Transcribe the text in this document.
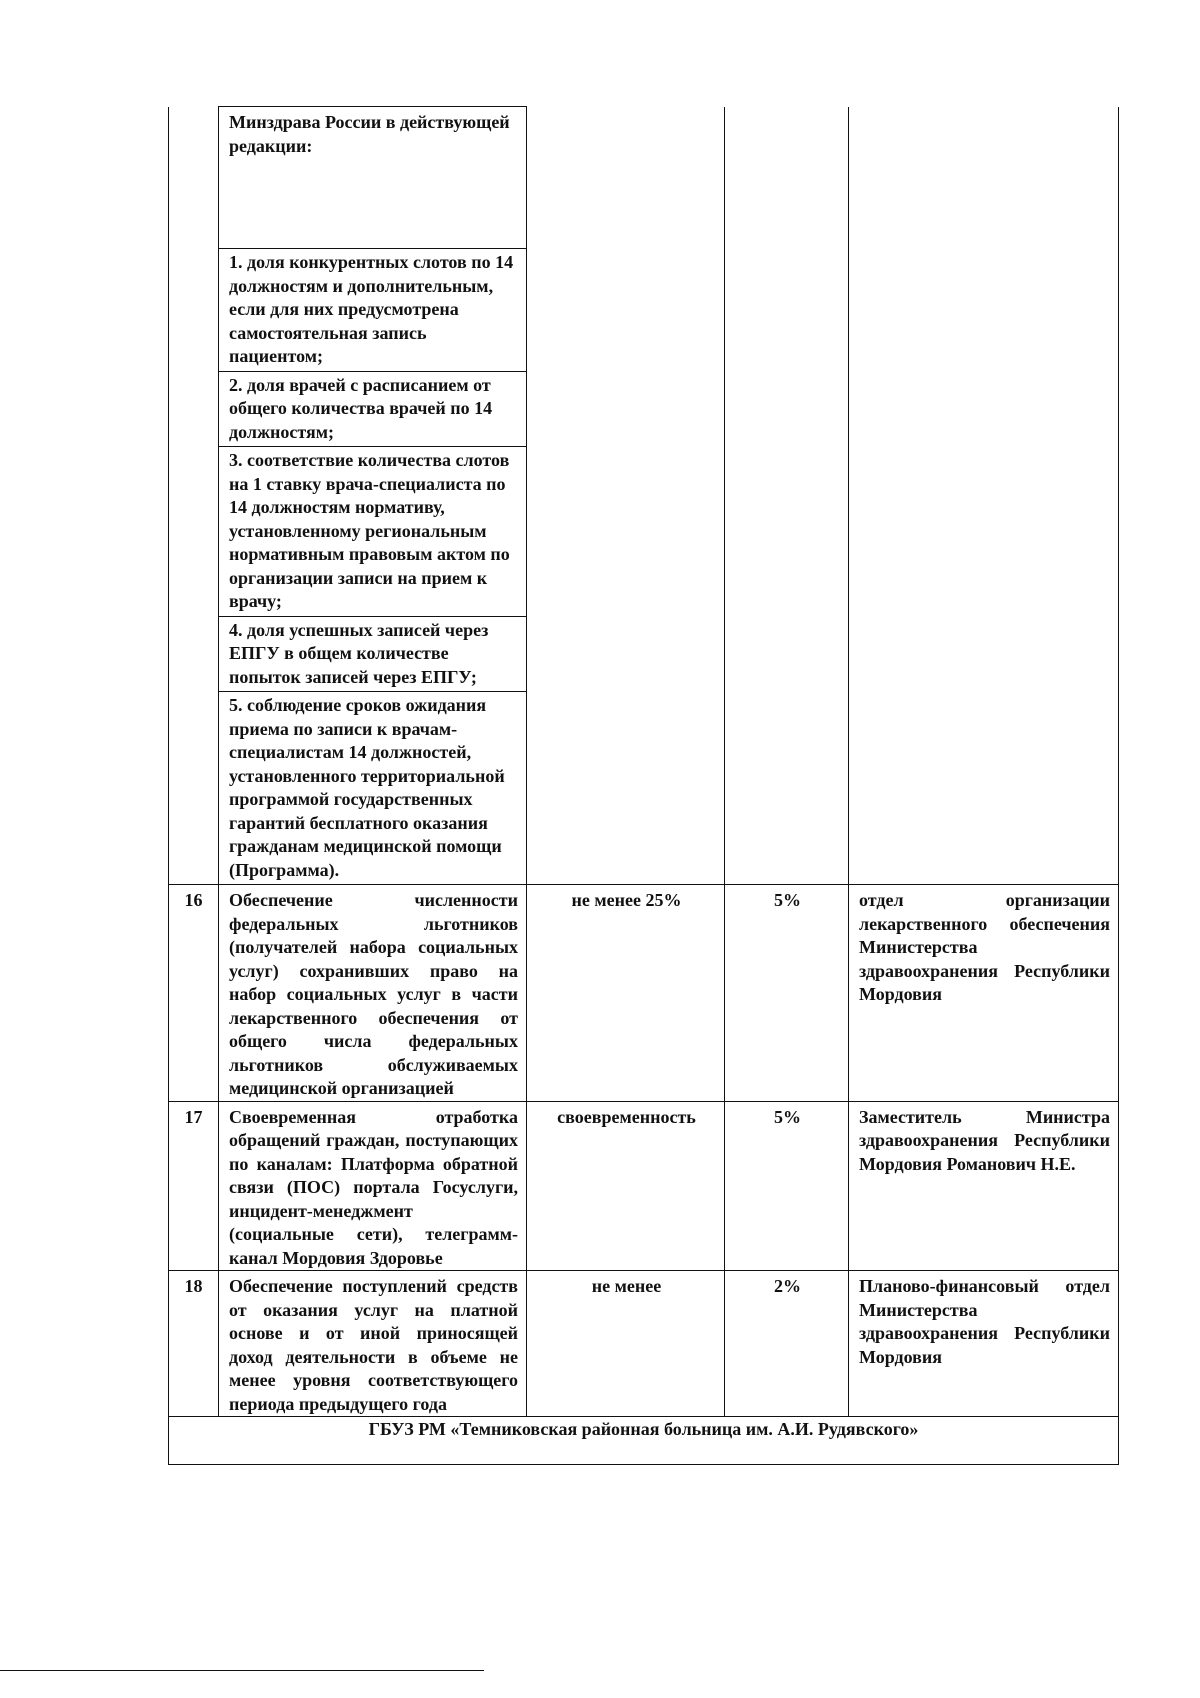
	Минздрава России в действующей редакции:			
	1. доля конкурентных слотов по 14 должностям и дополнительным, если для них предусмотрена самостоятельная запись пациентом;			
	2. доля врачей с расписанием от общего количества врачей по 14 должностям;			
	3. соответствие количества слотов на 1 ставку врача-специалиста по 14 должностям нормативу, установленному региональным нормативным правовым актом по организации записи на прием к врачу;			
	4. доля успешных записей через ЕПГУ в общем количестве попыток записей через ЕПГУ;			
	5. соблюдение сроков ожидания приема по записи к врачам-специалистам 14 должностей, установленного территориальной программой государственных гарантий бесплатного оказания гражданам медицинской помощи (Программа).			
16	Обеспечение численности федеральных льготников (получателей набора социальных услуг) сохранивших право на набор социальных услуг в части лекарственного обеспечения от общего числа федеральных льготников обслуживаемых медицинской организацией	не менее 25%	5%	отдел организации лекарственного обеспечения Министерства здравоохранения Республики Мордовия
17	Своевременная отработка обращений граждан, поступающих по каналам: Платформа обратной связи (ПОС) портала Госуслуги, инцидент-менеджмент (социальные сети), телеграмм-канал Мордовия Здоровье	своевременность	5%	Заместитель Министра здравоохранения Республики Мордовия Романович Н.Е.
18	Обеспечение поступлений средств от оказания услуг на платной основе и от иной приносящей доход деятельности в объеме не менее уровня соответствующего периода предыдущего года	не менее	2%	Планово-финансовый отдел Министерства здравоохранения Республики Мордовия
ГБУЗ РМ «Темниковская районная больница им. А.И. Рудявского»				
